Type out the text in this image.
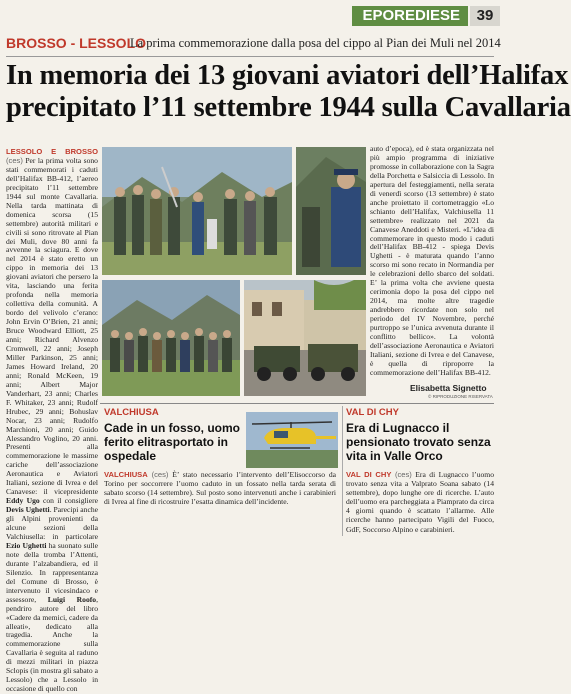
EPOREDIESE	39
BROSSO - LESSOLO
La prima commemorazione dalla posa del cippo al Pian dei Muli nel 2014
In memoria dei 13 giovani aviatori dell’Halifax
precipitato l’11 settembre 1944 sulla Cavallaria
LESSOLO E BROSSO (ces) Per la prima volta sono stati commemorati i caduti dell’Halifax BB-412, l’aereo precipitato l’11 settembre 1944 sul monte Cavallaria. Nella tarda mattinata di domenica scorsa (15 settembre) autorità militari e civili si sono ritrovate al Pian dei Muli, dove 80 anni fa avvenne la sciagura. E dove nel 2014 è stato eretto un cippo in memoria dei 13 giovani aviatori che persero la vita, lasciando una ferita profonda nella memoria collettiva della comunità. A bordo del velivolo c’erano: John Ervin O’Brien, 21 anni; Bruce Woodward Elliott, 25 anni; Richard Alvenzo Cromwell, 22 anni; Joseph Miller Parkinson, 25 anni; James Howard Ireland, 20 anni; Ronald McKeen, 19 anni; Albert Major Vanderhart, 23 anni; Charles F. Whitaker, 23 anni; Rudolf Hrubec, 29 anni; Bohuslav Nocar, 23 anni; Rudolfo Marchioni, 20 anni; Guido Alessandro Voglino, 20 anni. Presenti alla commemorazione le massime cariche dell’associazione Aeronautica e Aviatori Italiani, sezione di Ivrea e del Canavese: il vicepresidente Eddy Ugo con il consigliere Devis Ughetti. Parecipi anche gli Alpini provenienti da alcune sezioni della Valchiusella: in particolare Ezio Ughetti ha suonato sulle note della tromba l’Attenti, durante l’alzabandiera, ed il Silenzio. In rappresentanza del Comune di Brosso, è intervenuto il vicesindaco e assessore, Luigi Roofo, pendriro autore del libro «Cadere da memici, cadere da alleati», dedicato alla tragedia. Anche la commemorazione sulla Cavallaria è seguita al raduno di mezzi militari in piazza Sclopis (in mostra gli sabato a Lessolo) che a Lessolo in occasione di quello con
auto d’epoca), ed è stata organizzata nel più ampio programma di iniziative promosse in collaborazione con la Sagra della Porchetta e Salsiccia di Lessolo. In apertura del festeggiamenti, nella serata di venerdì scorso (13 settembre) è stato anche proiettato il cortometraggio «Lo schianto dell’Halifax, Valchiusella 11 settembre» realizzato nel 2021 da Canavese Aneddoti e Misteri. «L’idea di commemorare in questo modo i caduti dell’Halifax BB-412 - spiega Devis Ughetti - è maturata quando l’anno scorso mi sono recato in Normandia per le celebrazioni dello sbarco del soldati. E’ la prima volta che avviene questa cerimonia dopo la posa del cippo nel 2014, ma molte altre tragedie andrebbero ricordate non solo nel periodo del IV Novembre, perché purtroppo se l’unica avvenuta durante il conflitto bellico». La volontà dell’associazione Aeronautica e Aviatori Italiani, sezione di Ivrea e del Canavese, è quella di riproporre la commemorazione dell’Halifax BB-412.
Elisabetta Signetto
© RIPRODUZIONE RISERVATA
VALCHIUSA
Cade in un fosso, uomo ferito elitrasportato in ospedale
VALCHIUSA (ces) È’ stato necessario l’intervento dell’Elisoccorso da Torino per soccorrere l’uomo caduto in un fossato nella tarda serata di sabato scorso (14 settembre). Sul posto sono intervenuti anche i carabinieri di Ivrea al fine di ricostruire l’esatta dinamica dell’incidente.
VAL DI CHY
Era di Lugnacco il pensionato trovato senza vita in Valle Orco
VAL DI CHY (ces) Era di Lugnacco l’uomo trovato senza vita a Valprato Soana sabato (14 settembre), dopo lunghe ore di ricerche. L’auto dell’uomo era parcheggiata a Piamprato da circa 4 giorni quando è scattato l’allarme. Alle ricerche hanno partecipato Vigili del Fuoco, GdF, Soccorso Alpino e carabinieri.
